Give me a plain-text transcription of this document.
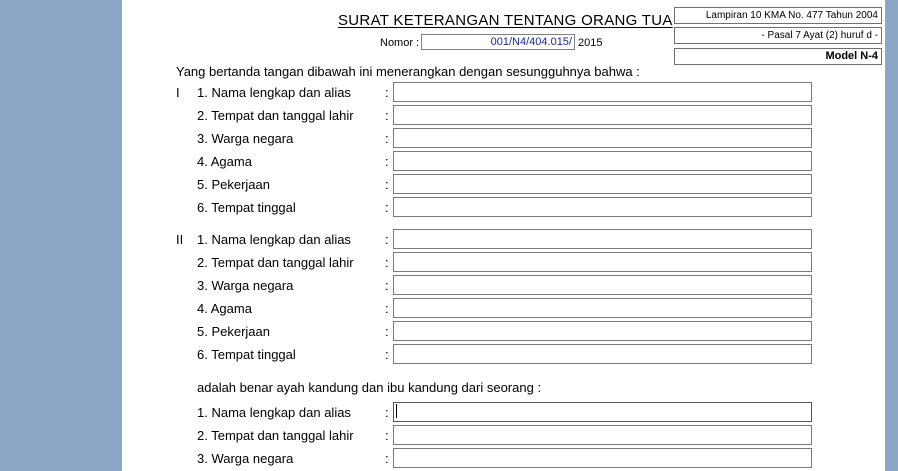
SURAT KETERANGAN TENTANG ORANG TUA	Lampiran 10 KMA No. 477 Tahun 2004
- Pasal 7 Ayat (2) huruf d -
Model N-4
Nomor :	001/N4/404.015/ 2015
Yang bertanda tangan dibawah ini menerangkan dengan sesungguhnya bahwa :
I 1. Nama lengkap dan alias	:
2. Tempat dan tanggal lahir :
3. Warga negara	:
4. Agama	:
5. Pekerjaan	:
6. Tempat tinggal	:
II 1. Nama lengkap dan alias	:
2. Tempat dan tanggal lahir :
3. Warga negara	:
4. Agama	:
5. Pekerjaan	:
6. Tempat tinggal	:
adalah benar ayah kandung dan ibu kandung dari seorang :
1. Nama lengkap dan alias	:
2. Tempat dan tanggal lahir :
3. Warga negara	:
